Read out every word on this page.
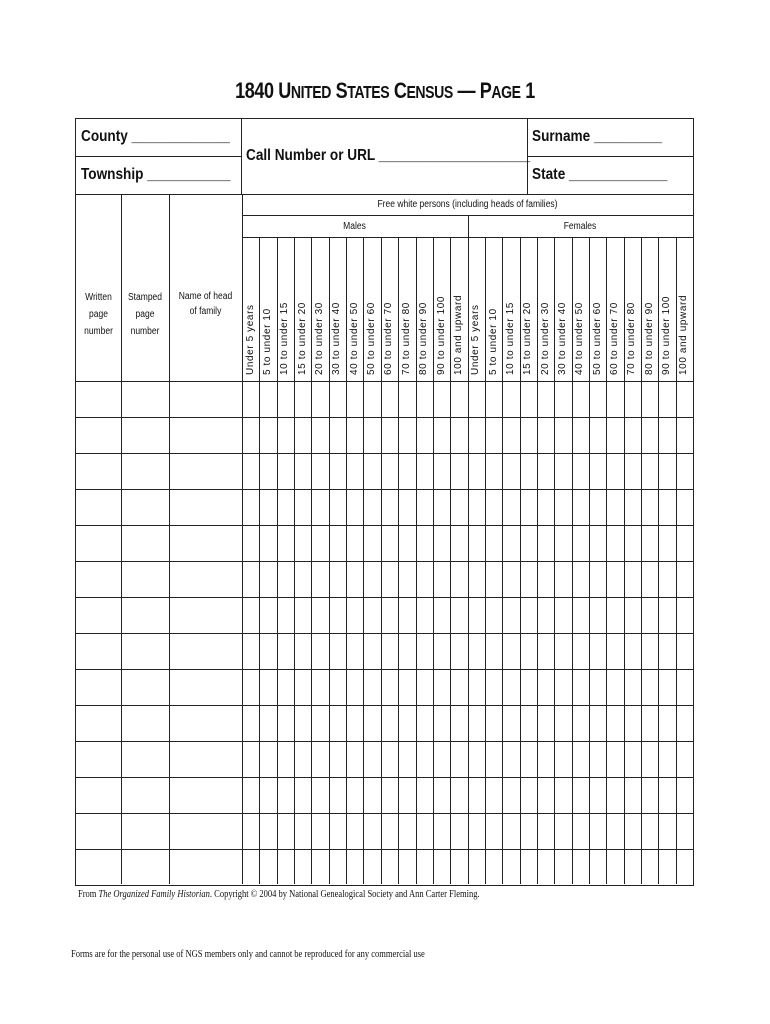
1840 UNITED STATES CENSUS — PAGE 1
County _____________
Township ___________
Call Number or URL ____________________
Surname _________
State _____________
Free white persons (including heads of families)
Males	Females
Written page number
Stamped page number
Name of head of family	Under 5 years 5 to under 10 10 to under 15 15 to under 20 20 to under 30 30 to under 40 40 to under 50 50 to under 60 60 to under 70 70 to under 80 80 to under 90 90 to under 100 100 and upward Under 5 years 5 to under 10 10 to under 15 15 to under 20 20 to under 30 30 to under 40 40 to under 50 50 to under 60 60 to under 70 70 to under 80 80 to under 90 90 to under 100 100 and upward
From The Organized Family Historian. Copyright © 2004 by National Genealogical Society and Ann Carter Fleming.
Forms are for the personal use of NGS members only and cannot be reproduced for any commercial use
